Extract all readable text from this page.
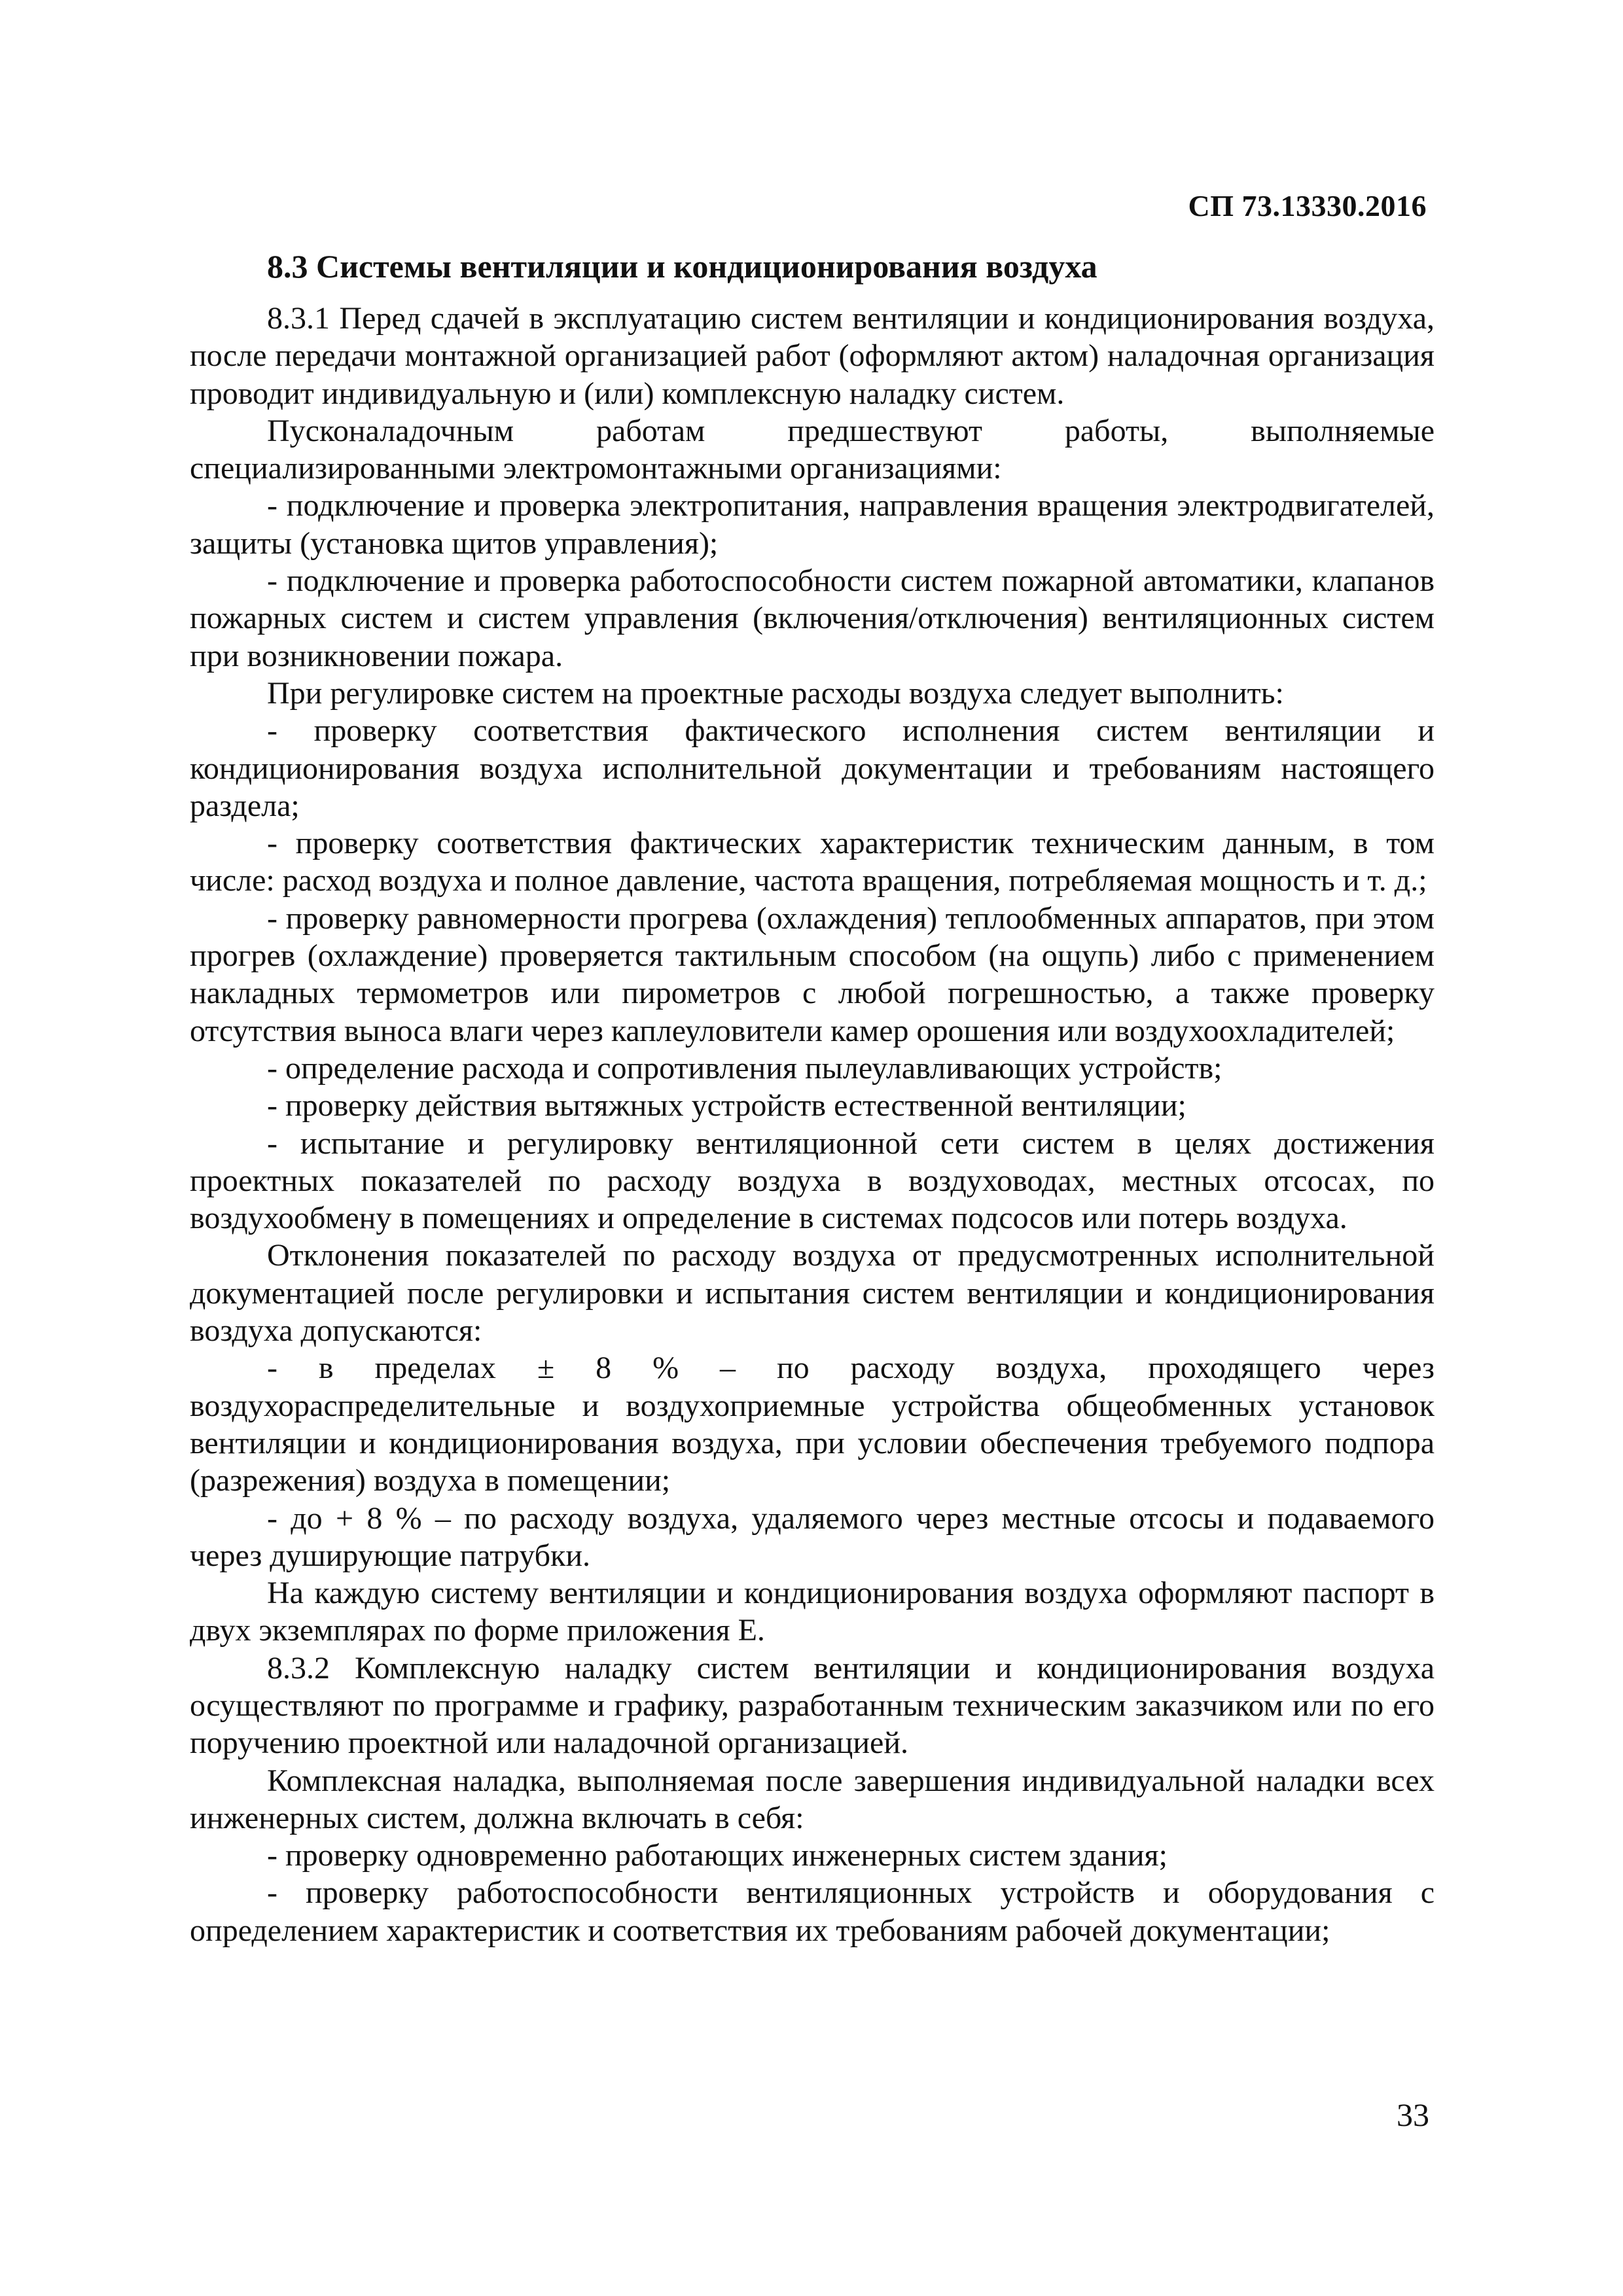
СП 73.13330.2016
8.3 Системы вентиляции и кондиционирования воздуха

8.3.1 Перед сдачей в эксплуатацию систем вентиляции и кондиционирования воздуха, после передачи монтажной организацией работ (оформляют актом) наладочная организация проводит индивидуальную и (или) комплексную наладку систем.

Пусконаладочным работам предшествуют работы, выполняемые специализированными электромонтажными организациями:

- подключение и проверка электропитания, направления вращения электродвигателей, защиты (установка щитов управления);

- подключение и проверка работоспособности систем пожарной автоматики, клапанов пожарных систем и систем управления (включения/отключения) вентиляционных систем при возникновении пожара.

При регулировке систем на проектные расходы воздуха следует выполнить:

- проверку соответствия фактического исполнения систем вентиляции и кондиционирования воздуха исполнительной документации и требованиям настоящего раздела;

- проверку соответствия фактических характеристик техническим данным, в том числе: расход воздуха и полное давление, частота вращения, потребляемая мощность и т. д.;

- проверку равномерности прогрева (охлаждения) теплообменных аппаратов, при этом прогрев (охлаждение) проверяется тактильным способом (на ощупь) либо с применением накладных термометров или пирометров с любой погрешностью, а также проверку отсутствия выноса влаги через каплеуловители камер орошения или воздухоохладителей;

- определение расхода и сопротивления пылеулавливающих устройств;

- проверку действия вытяжных устройств естественной вентиляции;

- испытание и регулировку вентиляционной сети систем в целях достижения проектных показателей по расходу воздуха в воздуховодах, местных отсосах, по воздухообмену в помещениях и определение в системах подсосов или потерь воздуха.

Отклонения показателей по расходу воздуха от предусмотренных исполнительной документацией после регулировки и испытания систем вентиляции и кондиционирования воздуха допускаются:

- в пределах ± 8 % – по расходу воздуха, проходящего через воздухораспределительные и воздухоприемные устройства общеобменных установок вентиляции и кондиционирования воздуха, при условии обеспечения требуемого подпора (разрежения) воздуха в помещении;

- до + 8 % – по расходу воздуха, удаляемого через местные отсосы и подаваемого через душирующие патрубки.

На каждую систему вентиляции и кондиционирования воздуха оформляют паспорт в двух экземплярах по форме приложения Е.

8.3.2 Комплексную наладку систем вентиляции и кондиционирования воздуха осуществляют по программе и графику, разработанным техническим заказчиком или по его поручению проектной или наладочной организацией.

Комплексная наладка, выполняемая после завершения индивидуальной наладки всех инженерных систем, должна включать в себя:

- проверку одновременно работающих инженерных систем здания;

- проверку работоспособности вентиляционных устройств и оборудования с определением характеристик и соответствия их требованиям рабочей документации;

33
